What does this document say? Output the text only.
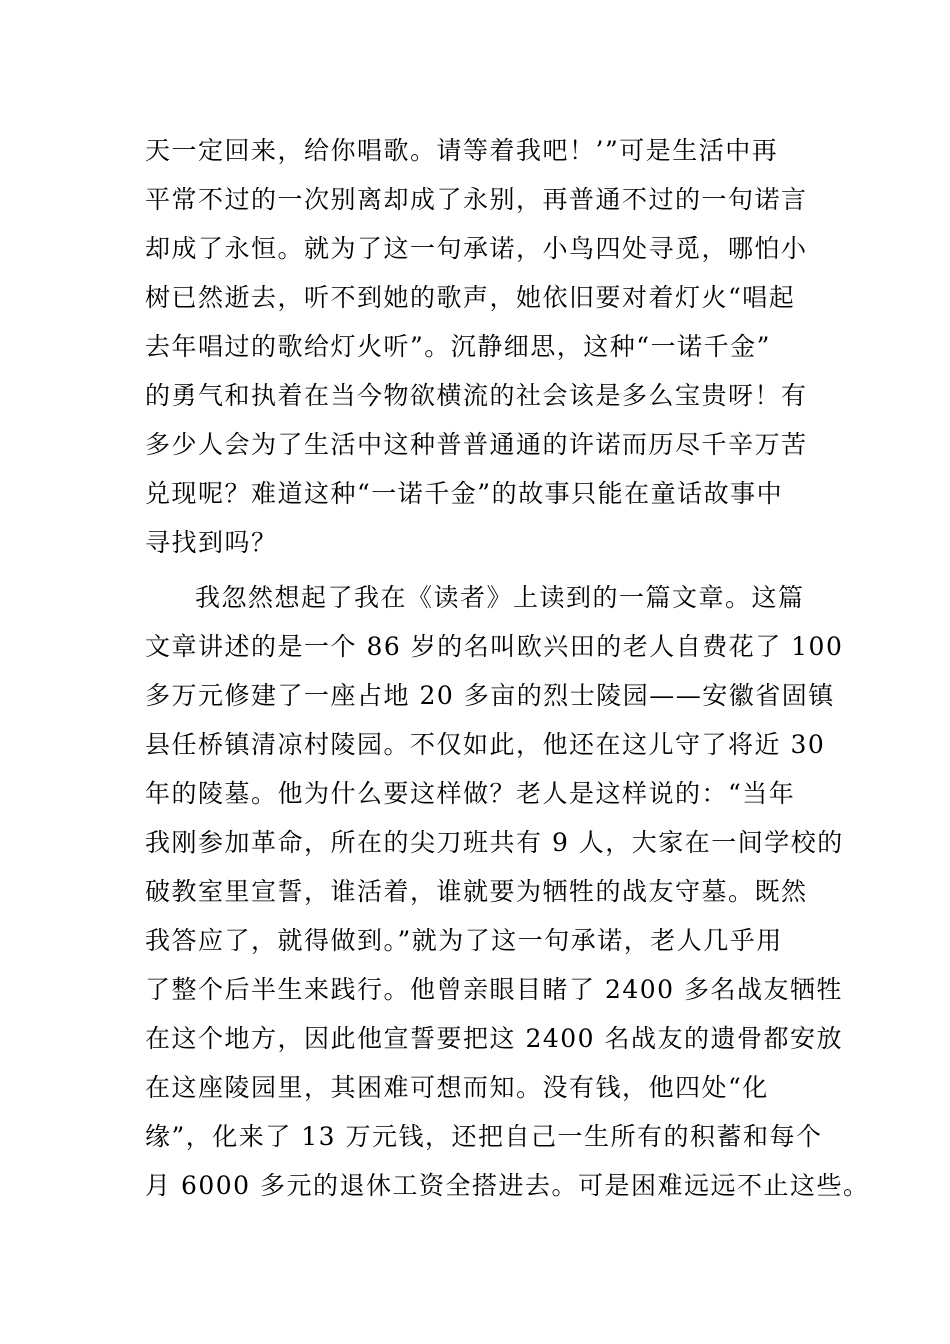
天一定回来，给你唱歌。请等着我吧！’”可是生活中再
平常不过的一次别离却成了永别，再普通不过的一句诺言
却成了永恒。就为了这一句承诺，小鸟四处寻觅，哪怕小
树已然逝去，听不到她的歌声，她依旧要对着灯火“唱起
去年唱过的歌给灯火听”。沉静细思，这种“一诺千金”
的勇气和执着在当今物欲横流的社会该是多么宝贵呀！有
多少人会为了生活中这种普普通通的许诺而历尽千辛万苦
兑现呢？难道这种“一诺千金”的故事只能在童话故事中
寻找到吗？
我忽然想起了我在《读者》上读到的一篇文章。这篇
文章讲述的是一个 86 岁的名叫欧兴田的老人自费花了 100
多万元修建了一座占地 20 多亩的烈士陵园——安徽省固镇
县任桥镇清凉村陵园。不仅如此，他还在这儿守了将近 30
年的陵墓。他为什么要这样做？老人是这样说的：“当年
我刚参加革命，所在的尖刀班共有 9 人，大家在一间学校的
破教室里宣誓，谁活着，谁就要为牺牲的战友守墓。既然
我答应了，就得做到。”就为了这一句承诺，老人几乎用
了整个后半生来践行。他曾亲眼目睹了 2400 多名战友牺牲
在这个地方，因此他宣誓要把这 2400 名战友的遗骨都安放
在这座陵园里，其困难可想而知。没有钱，他四处“化
缘”，化来了 13 万元钱，还把自己一生所有的积蓄和每个
月 6000 多元的退休工资全搭进去。可是困难远远不止这些。
